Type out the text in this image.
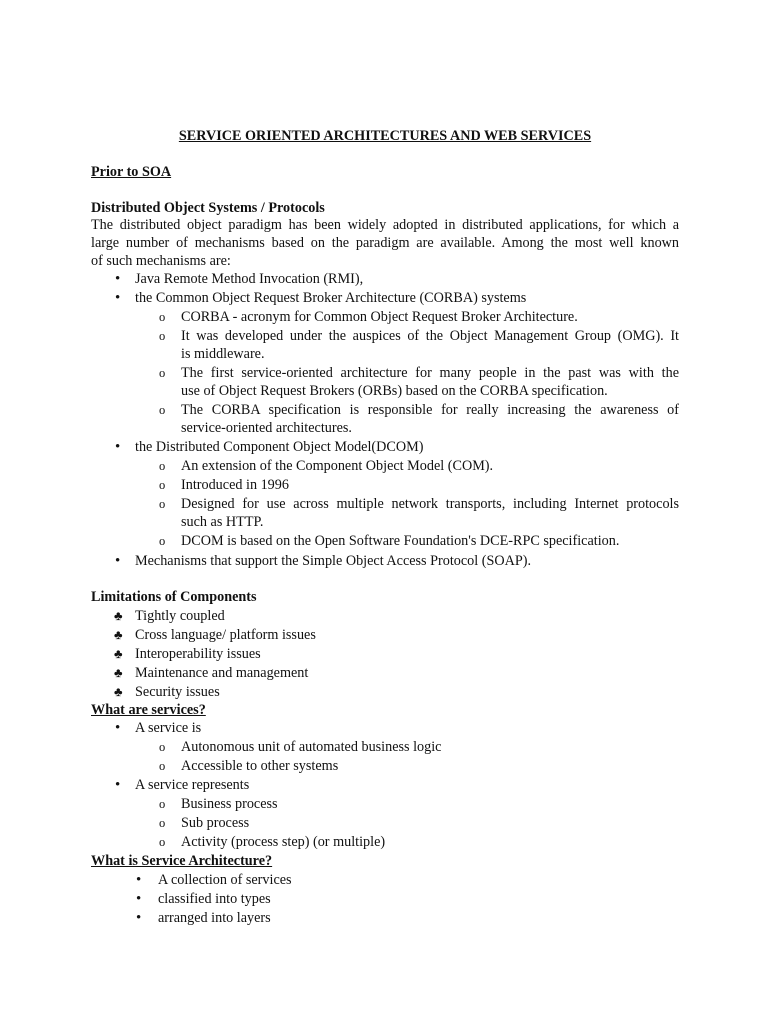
SERVICE ORIENTED ARCHITECTURES AND WEB SERVICES
Prior to SOA
Distributed Object Systems / Protocols
The distributed object paradigm has been widely adopted in distributed applications, for which a
large number of mechanisms based on the paradigm are available. Among the most well known
of such mechanisms are:
• Java Remote Method Invocation (RMI),
• the Common Object Request Broker Architecture (CORBA) systems
o CORBA - acronym for Common Object Request Broker Architecture.
o It was developed under the auspices of the Object Management Group (OMG). It
is middleware.
o The first service-oriented architecture for many people in the past was with the
use of Object Request Brokers (ORBs) based on the CORBA specification.
o The CORBA specification is responsible for really increasing the awareness of
service-oriented architectures.
• the Distributed Component Object Model(DCOM)
o An extension of the Component Object Model (COM).
o Introduced in 1996
o Designed for use across multiple network transports, including Internet protocols
such as HTTP.
o DCOM is based on the Open Software Foundation's DCE-RPC specification.
• Mechanisms that support the Simple Object Access Protocol (SOAP).
Limitations of Components
♣ Tightly coupled
♣ Cross language/ platform issues
♣ Interoperability issues
♣ Maintenance and management
♣ Security issues
What are services?
• A service is
o Autonomous unit of automated business logic
o Accessible to other systems
• A service represents
o Business process
o Sub process
o Activity (process step) (or multiple)
What is Service Architecture?
• A collection of services
• classified into types
• arranged into layers
